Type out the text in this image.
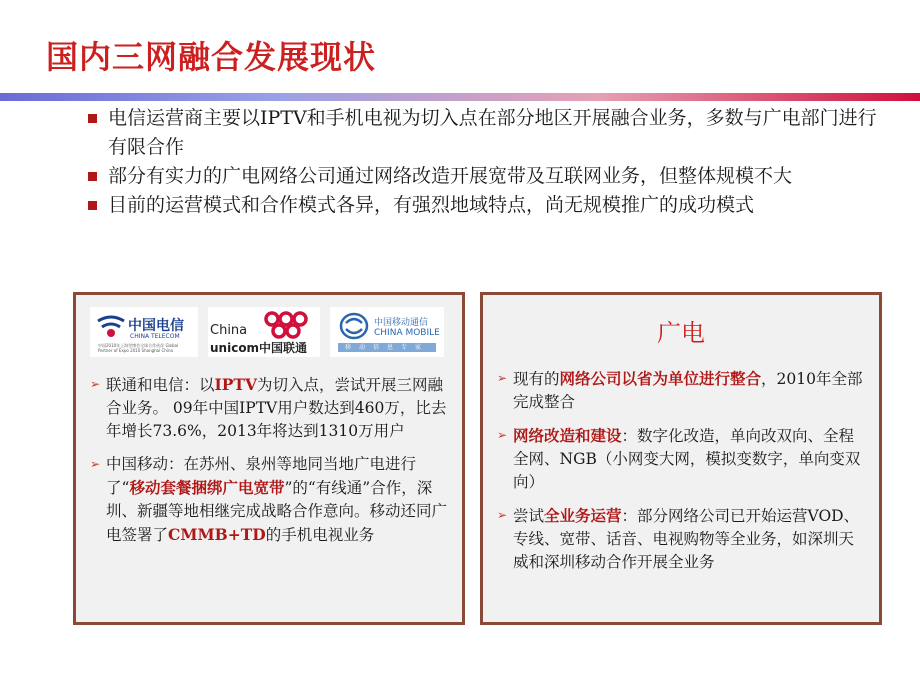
国内三网融合发展现状
电信运营商主要以IPTV和手机电视为切入点在部分地区开展融合业务，多数与广电部门进行有限合作
部分有实力的广电网络公司通过网络改造开展宽带及互联网业务，但整体规模不大
目前的运营模式和合作模式各异，有强烈地域特点，尚无规模推广的成功模式
中国电信
CHINA TELECOM
中国2010年上海世博会全球合作伙伴 Global Partner of Expo 2010 Shanghai China
China
unicom中国联通
中国移动通信
CHINA MOBILE
移动信息专家
➢ 联通和电信：以IPTV为切入点，尝试开展三网融合业务。 09年中国IPTV用户数达到460万，比去年增长73.6%，2013年将达到1310万用户
➢ 中国移动：在苏州、泉州等地同当地广电进行了“移动套餐捆绑广电宽带”的“有线通”合作，深圳、新疆等地相继完成战略合作意向。移动还同广电签署了CMMB+TD的手机电视业务
广电
➢ 现有的网络公司以省为单位进行整合，2010年全部完成整合
➢ 网络改造和建设：数字化改造，单向改双向、全程全网、NGB（小网变大网，模拟变数字，单向变双向）
➢ 尝试全业务运营：部分网络公司已开始运营VOD、专线、宽带、话音、电视购物等全业务，如深圳天威和深圳移动合作开展全业务
